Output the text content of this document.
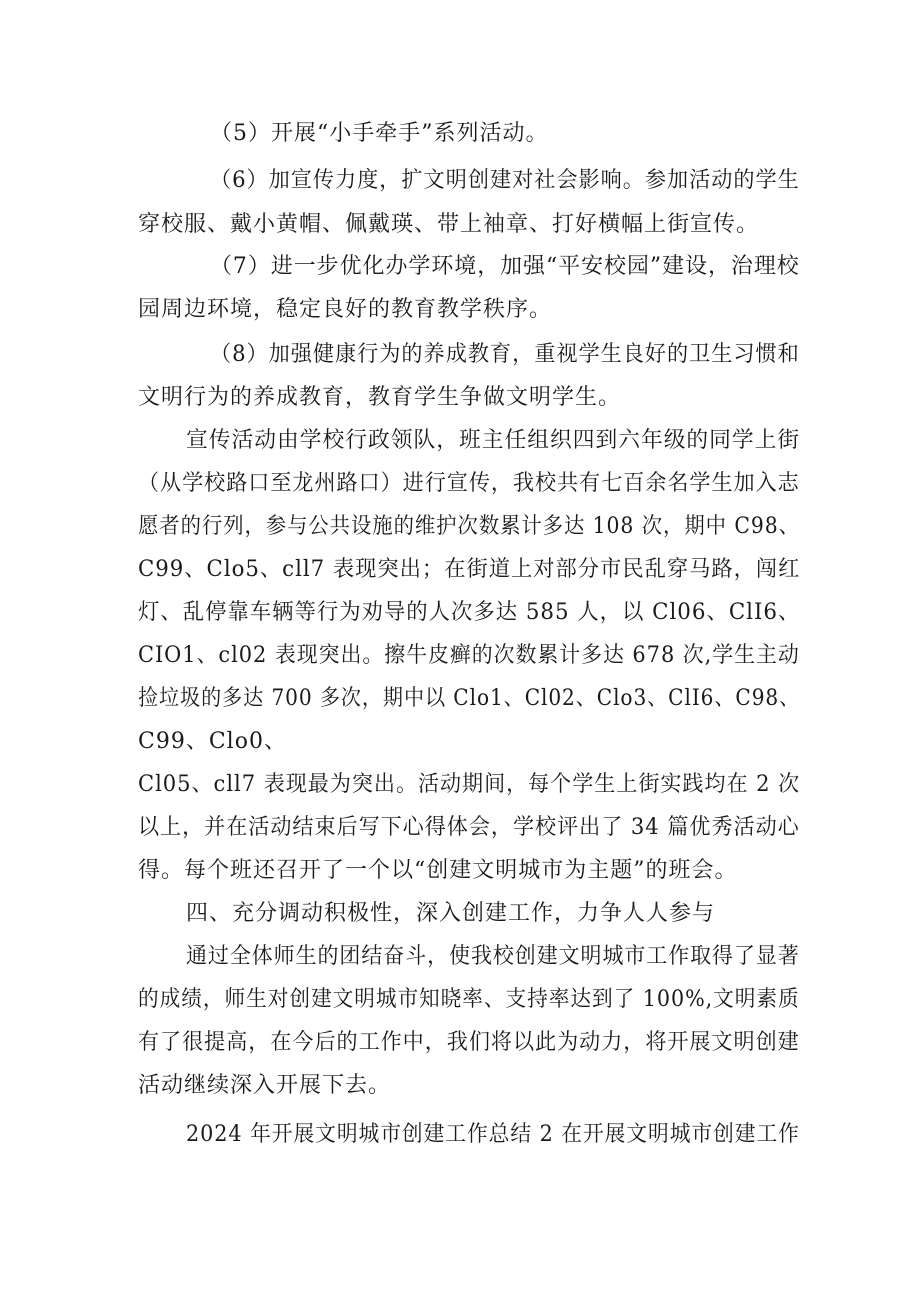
（5）开展“小手牵手”系列活动。
（6）加宣传力度，扩文明创建对社会影响。参加活动的学生
穿校服、戴小黄帽、佩戴瑛、带上袖章、打好横幅上街宣传。
（7）进一步优化办学环境，加强“平安校园”建设，治理校
园周边环境，稳定良好的教育教学秩序。
（8）加强健康行为的养成教育，重视学生良好的卫生习惯和
文明行为的养成教育，教育学生争做文明学生。
宣传活动由学校行政领队，班主任组织四到六年级的同学上街
（从学校路口至龙州路口）进行宣传，我校共有七百余名学生加入志
愿者的行列，参与公共设施的维护次数累计多达 108 次，期中 C98、
C99、Clo5、cll7 表现突出；在街道上对部分市民乱穿马路，闯红
灯、乱停靠车辆等行为劝导的人次多达 585 人，以 Cl06、ClI6、
CIO1、cl02 表现突出。擦牛皮癣的次数累计多达 678 次,学生主动
捡垃圾的多达 700 多次，期中以 Clo1、Cl02、Clo3、ClI6、C98、
C99、Clo0、
Cl05、cll7 表现最为突出。活动期间，每个学生上街实践均在 2 次
以上，并在活动结束后写下心得体会，学校评出了 34 篇优秀活动心
得。每个班还召开了一个以“创建文明城市为主题”的班会。
四、充分调动积极性，深入创建工作，力争人人参与
通过全体师生的团结奋斗，使我校创建文明城市工作取得了显著
的成绩，师生对创建文明城市知晓率、支持率达到了 100%,文明素质
有了很提高，在今后的工作中，我们将以此为动力，将开展文明创建
活动继续深入开展下去。
2024 年开展文明城市创建工作总结 2 在开展文明城市创建工作
